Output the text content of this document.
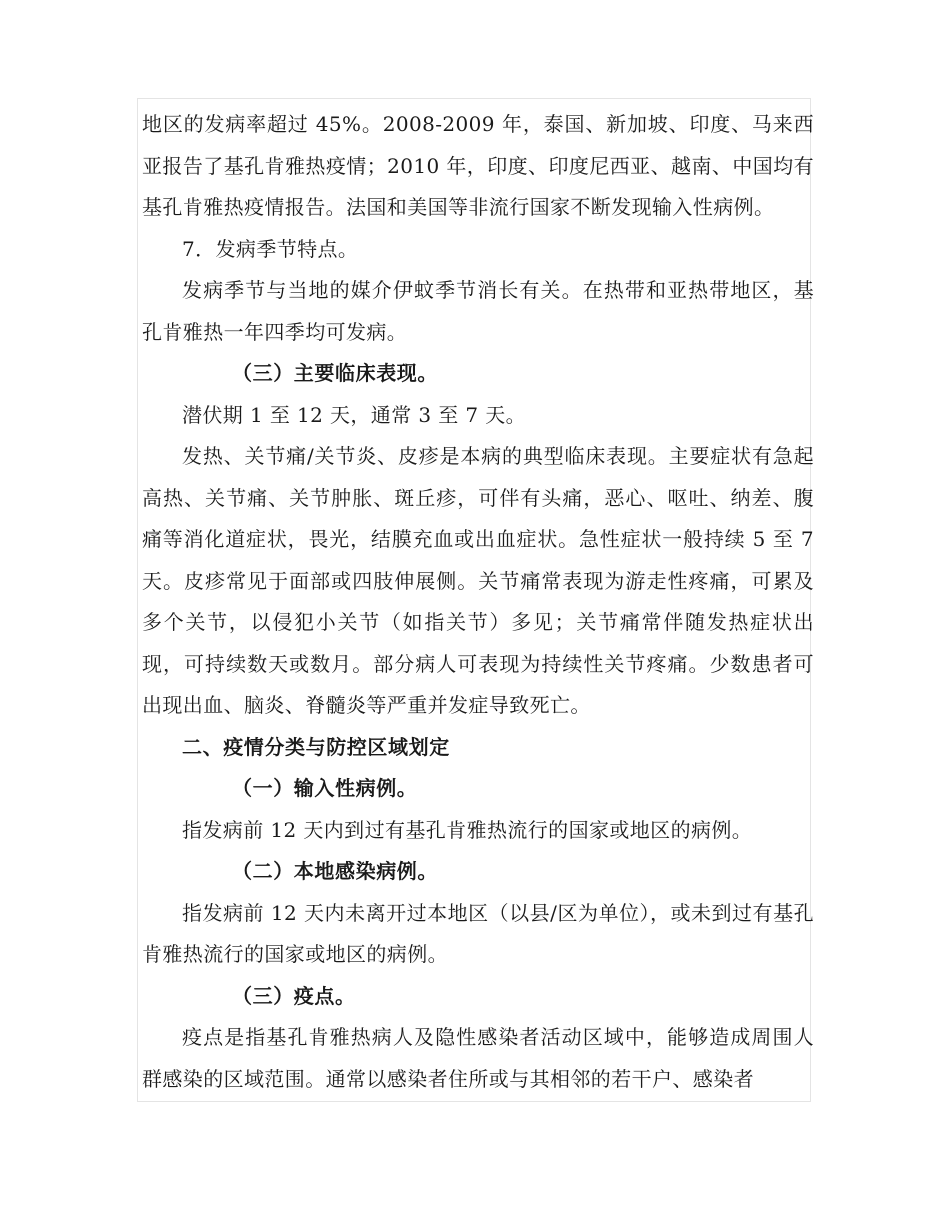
地区的发病率超过 45%。2008-2009 年，泰国、新加坡、印度、马来西亚报告了基孔肯雅热疫情；2010 年，印度、印度尼西亚、越南、中国均有基孔肯雅热疫情报告。法国和美国等非流行国家不断发现输入性病例。

7．发病季节特点。

发病季节与当地的媒介伊蚊季节消长有关。在热带和亚热带地区，基孔肯雅热一年四季均可发病。

（三）主要临床表现。

潜伏期 1 至 12 天，通常 3 至 7 天。

发热、关节痛/关节炎、皮疹是本病的典型临床表现。主要症状有急起高热、关节痛、关节肿胀、斑丘疹，可伴有头痛，恶心、呕吐、纳差、腹痛等消化道症状，畏光，结膜充血或出血症状。急性症状一般持续 5 至 7 天。皮疹常见于面部或四肢伸展侧。关节痛常表现为游走性疼痛，可累及多个关节，以侵犯小关节（如指关节）多见；关节痛常伴随发热症状出现，可持续数天或数月。部分病人可表现为持续性关节疼痛。少数患者可出现出血、脑炎、脊髓炎等严重并发症导致死亡。

二、疫情分类与防控区域划定

（一）输入性病例。

指发病前 12 天内到过有基孔肯雅热流行的国家或地区的病例。

（二）本地感染病例。

指发病前 12 天内未离开过本地区（以县/区为单位），或未到过有基孔肯雅热流行的国家或地区的病例。

（三）疫点。

疫点是指基孔肯雅热病人及隐性感染者活动区域中，能够造成周围人群感染的区域范围。通常以感染者住所或与其相邻的若干户、感染者
